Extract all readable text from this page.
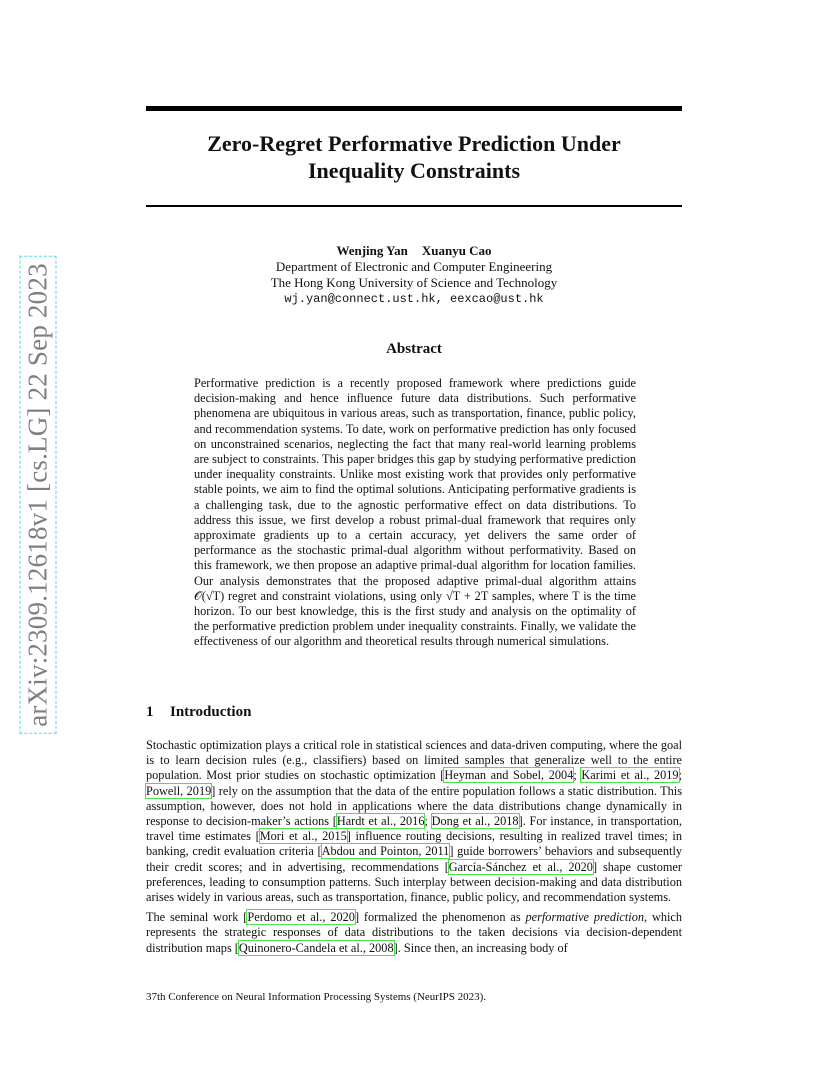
Zero-Regret Performative Prediction Under
Inequality Constraints
Wenjing Yan Xuanyu Cao
Department of Electronic and Computer Engineering
The Hong Kong University of Science and Technology
wj.yan@connect.ust.hk, eexcao@ust.hk
arXiv:2309.12618v1 [cs.LG] 22 Sep 2023	Abstract
Performative prediction is a recently proposed framework where predictions guide decision-making and hence influence future data distributions. Such performative phenomena are ubiquitous in various areas, such as transportation, finance, public policy, and recommendation systems. To date, work on performative prediction has only focused on unconstrained scenarios, neglecting the fact that many real-world learning problems are subject to constraints. This paper bridges this gap by studying performative prediction under inequality constraints. Unlike most existing work that provides only performative stable points, we aim to find the optimal solutions. Anticipating performative gradients is a challenging task, due to the agnostic performative effect on data distributions. To address this issue, we first develop a robust primal-dual framework that requires only approximate gradients up to a certain accuracy, yet delivers the same order of performance as the stochastic primal-dual algorithm without performativity. Based on this framework, we then propose an adaptive primal-dual algorithm for location families. Our analysis demonstrates that the proposed adaptive primal-dual algorithm attains 𝒪(√T) regret and constraint violations, using only √T + 2T samples, where T is the time horizon. To our best knowledge, this is the first study and analysis on the optimality of the performative prediction problem under inequality constraints. Finally, we validate the effectiveness of our algorithm and theoretical results through numerical simulations.
1 Introduction

Stochastic optimization plays a critical role in statistical sciences and data-driven computing, where the goal is to learn decision rules (e.g., classifiers) based on limited samples that generalize well to the entire population. Most prior studies on stochastic optimization [Heyman and Sobel, 2004; Karimi et al., 2019; Powell, 2019] rely on the assumption that the data of the entire population follows a static distribution. This assumption, however, does not hold in applications where the data distributions change dynamically in response to decision-maker’s actions [Hardt et al., 2016; Dong et al., 2018]. For instance, in transportation, travel time estimates [Mori et al., 2015] influence routing decisions, resulting in realized travel times; in banking, credit evaluation criteria [Abdou and Pointon, 2011] guide borrowers’ behaviors and subsequently their credit scores; and in advertising, recommendations [García-Sánchez et al., 2020] shape customer preferences, leading to consumption patterns. Such interplay between decision-making and data distribution arises widely in various areas, such as transportation, finance, public policy, and recommendation systems.

The seminal work [Perdomo et al., 2020] formalized the phenomenon as performative prediction, which represents the strategic responses of data distributions to the taken decisions via decision-dependent distribution maps [Quinonero-Candela et al., 2008]. Since then, an increasing body of

37th Conference on Neural Information Processing Systems (NeurIPS 2023).
